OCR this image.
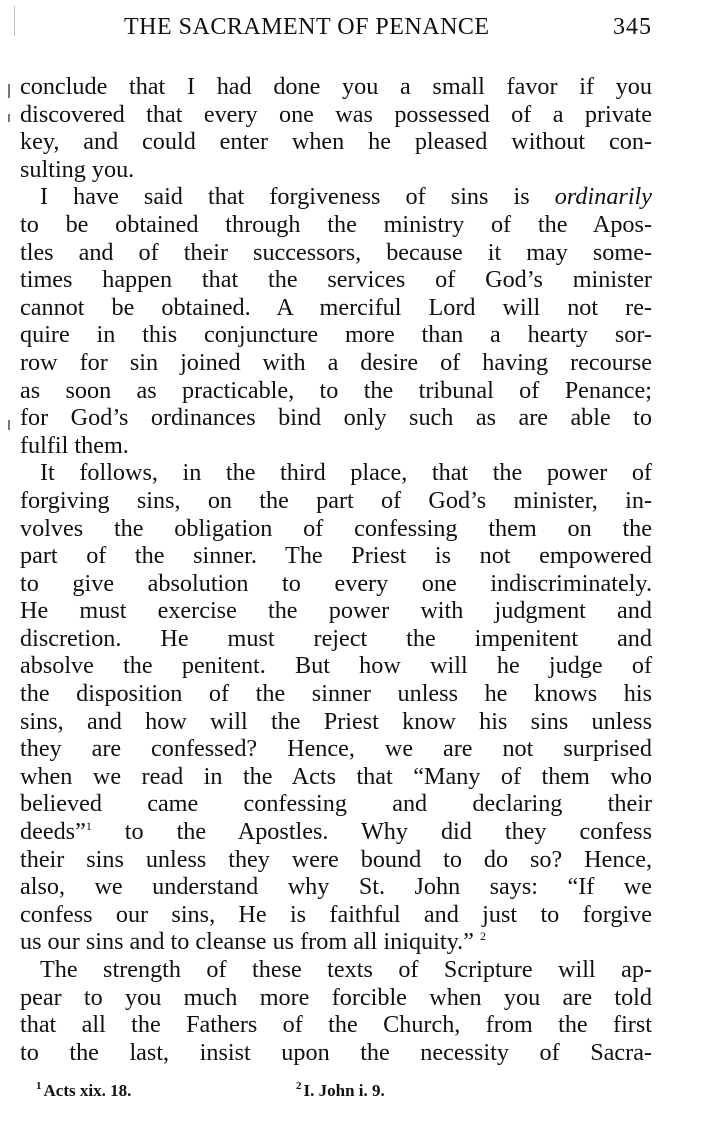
THE SACRAMENT OF PENANCE	345
conclude that I had done you a small favor if you
discovered that every one was possessed of a private
key, and could enter when he pleased without con-
sulting you.
I have said that forgiveness of sins is ordinarily
to be obtained through the ministry of the Apos-
tles and of their successors, because it may some-
times happen that the services of God’s minister
cannot be obtained. A merciful Lord will not re-
quire in this conjuncture more than a hearty sor-
row for sin joined with a desire of having recourse
as soon as practicable, to the tribunal of Penance;
for God’s ordinances bind only such as are able to
fulfil them.
It follows, in the third place, that the power of
forgiving sins, on the part of God’s minister, in-
volves the obligation of confessing them on the
part of the sinner. The Priest is not empowered
to give absolution to every one indiscriminately.
He must exercise the power with judgment and
discretion. He must reject the impenitent and
absolve the penitent. But how will he judge of
the disposition of the sinner unless he knows his
sins, and how will the Priest know his sins unless
they are confessed? Hence, we are not surprised
when we read in the Acts that “Many of them who
believed came confessing and declaring their
deeds”$^1$ to the Apostles. Why did they confess
their sins unless they were bound to do so? Hence,
also, we understand why St. John says: “If we
confess our sins, He is faithful and just to forgive
us our sins and to cleanse us from all iniquity.” $^2$
The strength of these texts of Scripture will ap-
pear to you much more forcible when you are told
that all the Fathers of the Church, from the first
to the last, insist upon the necessity of Sacra-
$^1$ Acts xix. 18.	$^2$ I. John i. 9.
